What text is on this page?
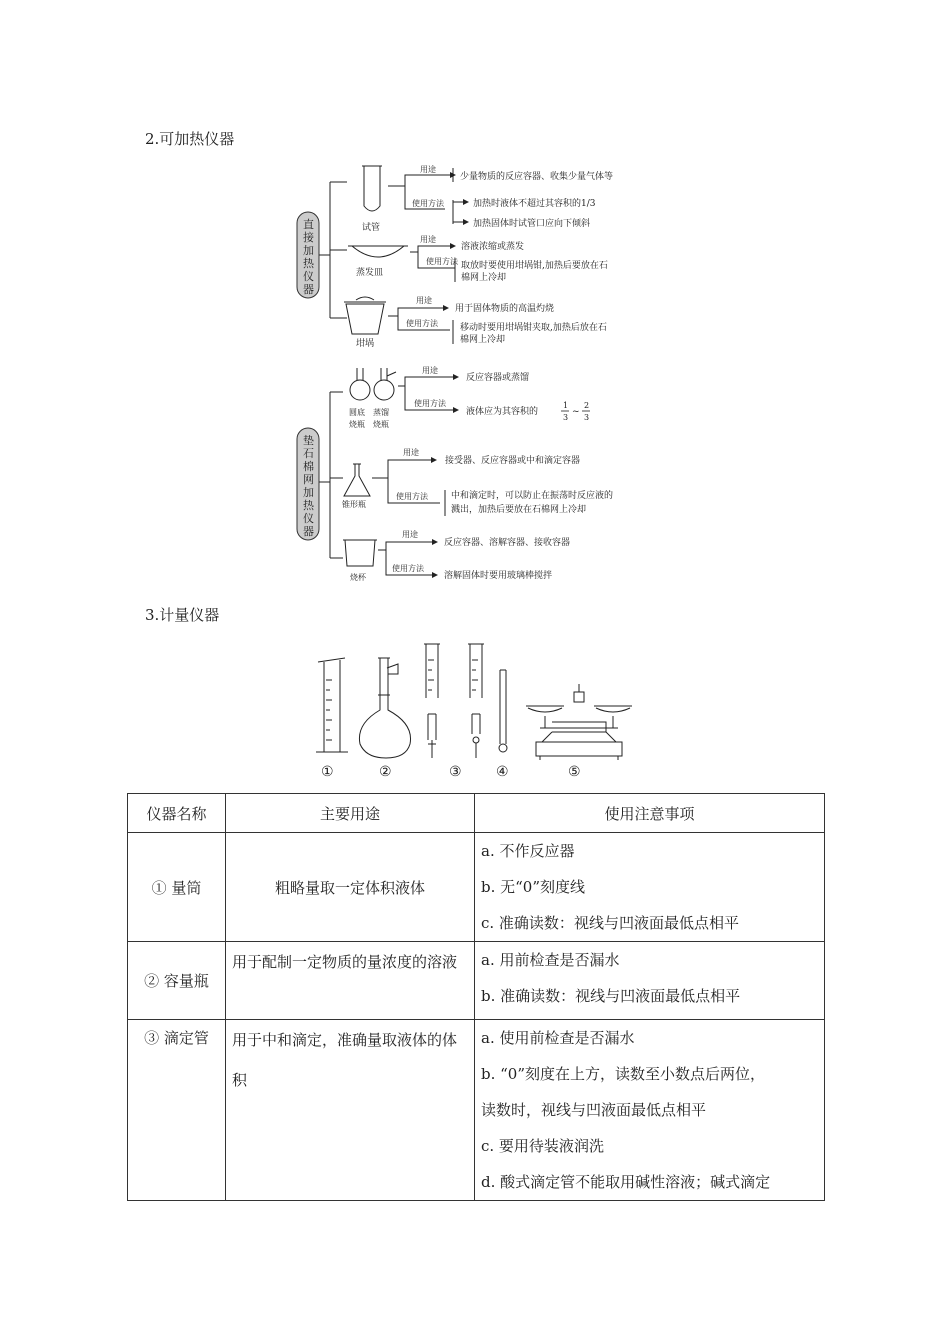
2.可加热仪器
直
接
加
热
仪
器
垫
石
棉
网
加
热
仪
器
试管
用途
使用方法
少量物质的反应容器、收集少量气体等
加热时液体不超过其容积的1/3
加热固体时试管口应向下倾斜
蒸发皿
用途
使用方法
溶液浓缩或蒸发
取放时要使用坩埚钳,加热后要放在石
棉网上冷却
坩埚
用途
使用方法
用于固体物质的高温灼烧
移动时要用坩埚钳夹取,加热后放在石
棉网上冷却
圆底
烧瓶
蒸馏
烧瓶
用途
使用方法
反应容器或蒸馏
液体应为其容积的
1
3
~
2
3
锥形瓶
用途
使用方法
接受器、反应容器或中和滴定容器
中和滴定时，可以防止在振荡时反应液的
溅出，加热后要放在石棉网上冷却
烧杯
用途
使用方法
反应容器、溶解容器、接收容器
溶解固体时要用玻璃棒搅拌
3.计量仪器
①	②	③ ④	⑤
仪器名称	主要用途	使用注意事项
① 量筒	粗略量取一定体积液体	a. 不作反应器
b. 无“0”刻度线
c. 准确读数：视线与凹液面最低点相平

② 容量瓶	用于配制一定物质的量浓度的溶液	a. 用前检查是否漏水
b. 准确读数：视线与凹液面最低点相平

③ 滴定管	用于中和滴定，准确量取液体的体积	a. 使用前检查是否漏水
b. “0”刻度在上方，读数至小数点后两位，
读数时，视线与凹液面最低点相平
c. 要用待装液润洗
d. 酸式滴定管不能取用碱性溶液；碱式滴定
